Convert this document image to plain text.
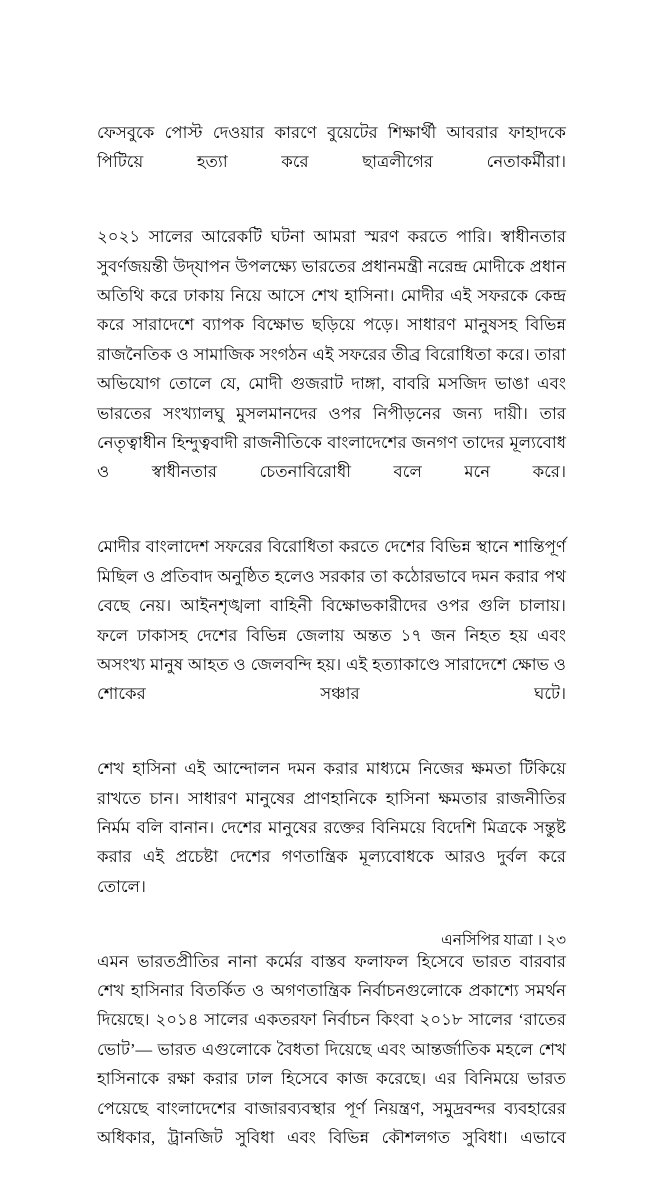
ফেসবুকে পোস্ট দেওয়ার কারণে বুয়েটের শিক্ষার্থী আবরার ফাহাদকে পিটিয়ে হত্যা করে ছাত্রলীগের নেতাকর্মীরা।

২০২১ সালের আরেকটি ঘটনা আমরা স্মরণ করতে পারি। স্বাধীনতার সুবর্ণজয়ন্তী উদ্‌যাপন উপলক্ষ্যে ভারতের প্রধানমন্ত্রী নরেন্দ্র মোদীকে প্রধান অতিথি করে ঢাকায় নিয়ে আসে শেখ হাসিনা। মোদীর এই সফরকে কেন্দ্র করে সারাদেশে ব্যাপক বিক্ষোভ ছড়িয়ে পড়ে। সাধারণ মানুষসহ বিভিন্ন রাজনৈতিক ও সামাজিক সংগঠন এই সফরের তীব্র বিরোধিতা করে। তারা অভিযোগ তোলে যে, মোদী গুজরাট দাঙ্গা, বাবরি মসজিদ ভাঙা এবং ভারতের সংখ্যালঘু মুসলমানদের ওপর নিপীড়নের জন্য দায়ী। তার নেতৃত্বাধীন হিন্দুত্ববাদী রাজনীতিকে বাংলাদেশের জনগণ তাদের মূল্যবোধ ও স্বাধীনতার চেতনাবিরোধী বলে মনে করে।

মোদীর বাংলাদেশ সফরের বিরোধিতা করতে দেশের বিভিন্ন স্থানে শান্তিপূর্ণ মিছিল ও প্রতিবাদ অনুষ্ঠিত হলেও সরকার তা কঠোরভাবে দমন করার পথ বেছে নেয়। আইনশৃঙ্খলা বাহিনী বিক্ষোভকারীদের ওপর গুলি চালায়। ফলে ঢাকাসহ দেশের বিভিন্ন জেলায় অন্তত ১৭ জন নিহত হয় এবং অসংখ্য মানুষ আহত ও জেলবন্দি হয়। এই হত্যাকাণ্ডে সারাদেশে ক্ষোভ ও শোকের সঞ্চার ঘটে।

শেখ হাসিনা এই আন্দোলন দমন করার মাধ্যমে নিজের ক্ষমতা টিকিয়ে রাখতে চান। সাধারণ মানুষের প্রাণহানিকে হাসিনা ক্ষমতার রাজনীতির নির্মম বলি বানান। দেশের মানুষের রক্তের বিনিময়ে বিদেশি মিত্রকে সন্তুষ্ট করার এই প্রচেষ্টা দেশের গণতান্ত্রিক মূল্যবোধকে আরও দুর্বল করে তোলে।

এমন ভারতপ্রীতির নানা কর্মের বাস্তব ফলাফল হিসেবে ভারত বারবার শেখ হাসিনার বিতর্কিত ও অগণতান্ত্রিক নির্বাচনগুলোকে প্রকাশ্যে সমর্থন দিয়েছে। ২০১৪ সালের একতরফা নির্বাচন কিংবা ২০১৮ সালের ‘রাতের ভোট’— ভারত এগুলোকে বৈধতা দিয়েছে এবং আন্তর্জাতিক মহলে শেখ হাসিনাকে রক্ষা করার ঢাল হিসেবে কাজ করেছে। এর বিনিময়ে ভারত পেয়েছে বাংলাদেশের বাজারব্যবস্থার পূর্ণ নিয়ন্ত্রণ, সমুদ্রবন্দর ব্যবহারের অধিকার, ট্রানজিট সুবিধা এবং বিভিন্ন কৌশলগত সুবিধা। এভাবে

এনসিপির যাত্রা । ২৩
